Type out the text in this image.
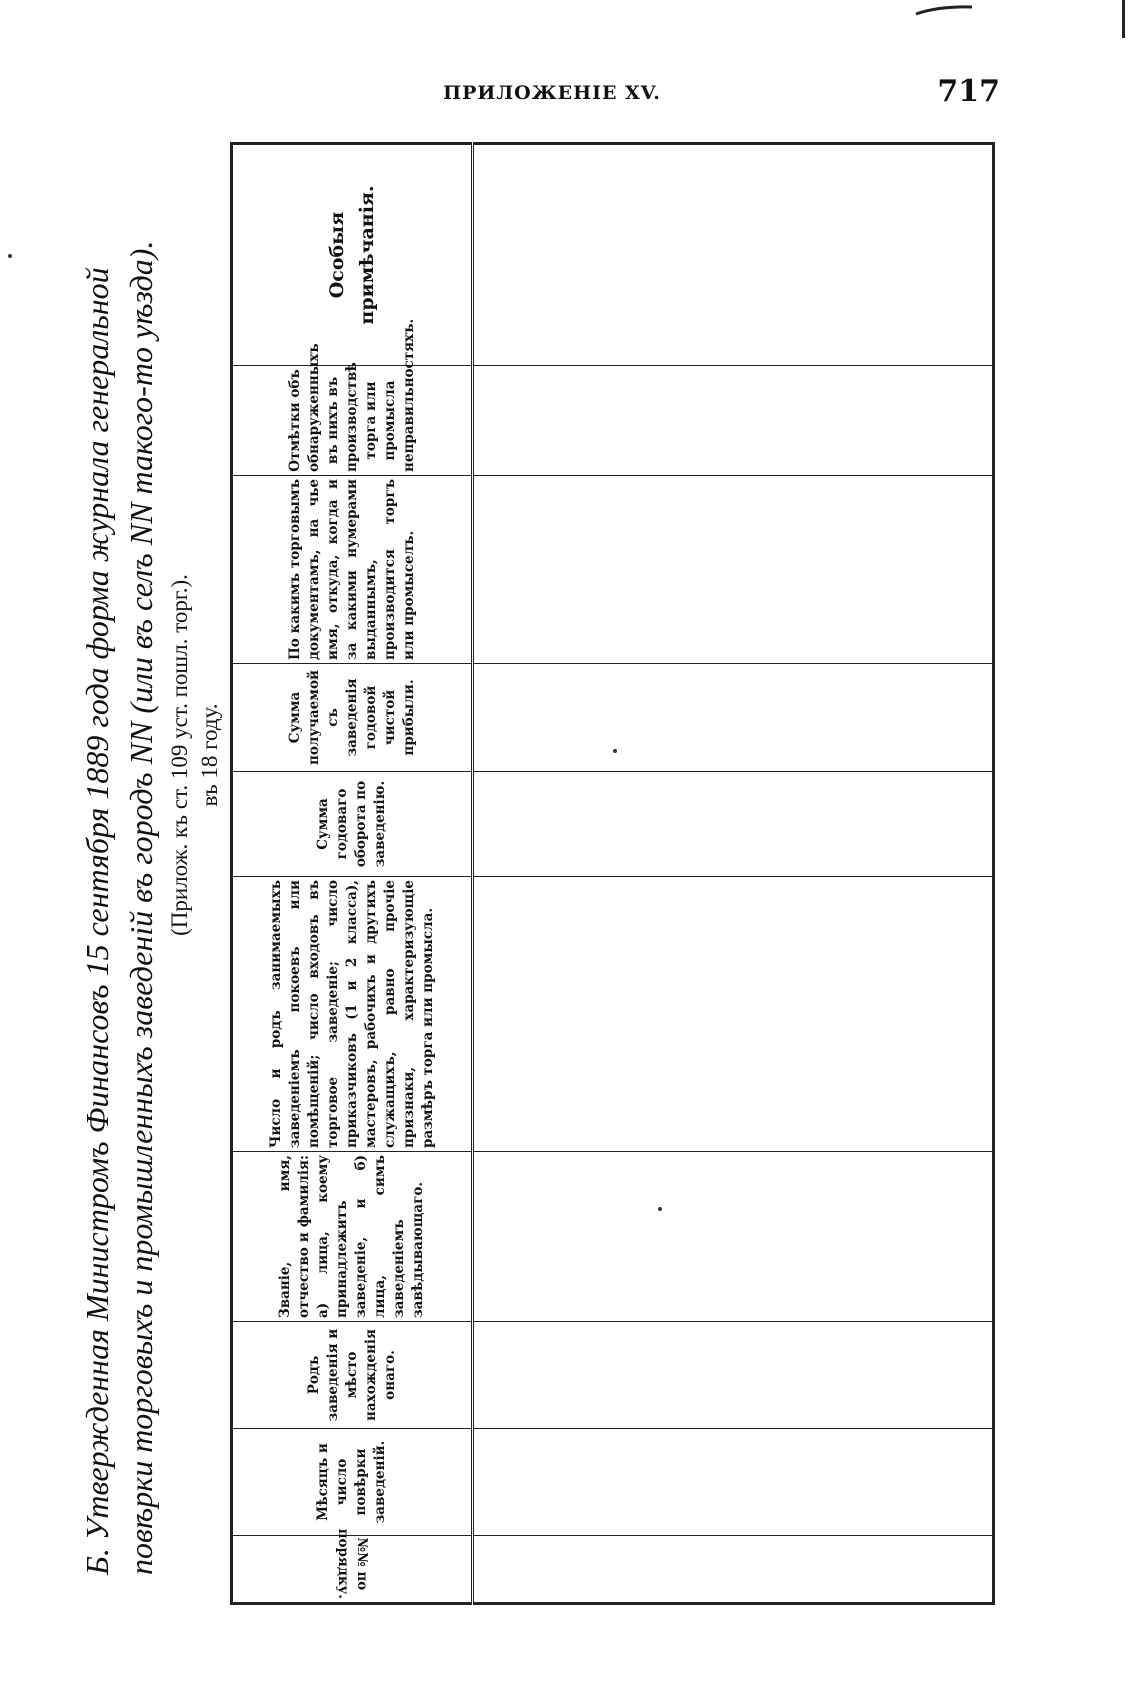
ПРИЛОЖЕНІЕ XV.	717
Б. Утвержденная Министромъ Финансовъ 15 сентября 1889 года форма журнала генеральной повѣрки торговыхъ и промышленныхъ заведеній въ городъ NN (или въ селъ NN такого-то уѣзда). (Прилож. къ ст. 109 уст. пошл. торг.). въ 18 году.
№№ по порядку.	Мѣсяцъ и число повѣрки заведеній.	Родъ заведенія и мѣсто нахожденія онаго.	Званіе, имя, отчество и фамилія: а) лица, коему принадлежитъ заведеніе, и б) лица, симъ заведеніемъ завѣдывающаго.	Число и родъ занимаемыхъ заведеніемъ покоевъ или помѣщеній; число входовъ въ торговое заведеніе; число приказчиковъ (1 и 2 класса), мастеровъ, рабочихъ и другихъ служащихъ, равно прочіе признаки, характеризующіе размѣръ торга или промысла.	Сумма годоваго оборота по заведенію.	Сумма получаемой съ заведенія годовой чистой прибыли.	По какимъ торговымъ документамъ, на чье имя, откуда, когда и за какими нумерами выданнымъ, производится торгъ или промыселъ.	Отмѣтки объ обнаруженныхъ въ нихъ въ производствѣ торга или промысла неправильностяхъ.	Особыя примѣчанія.
